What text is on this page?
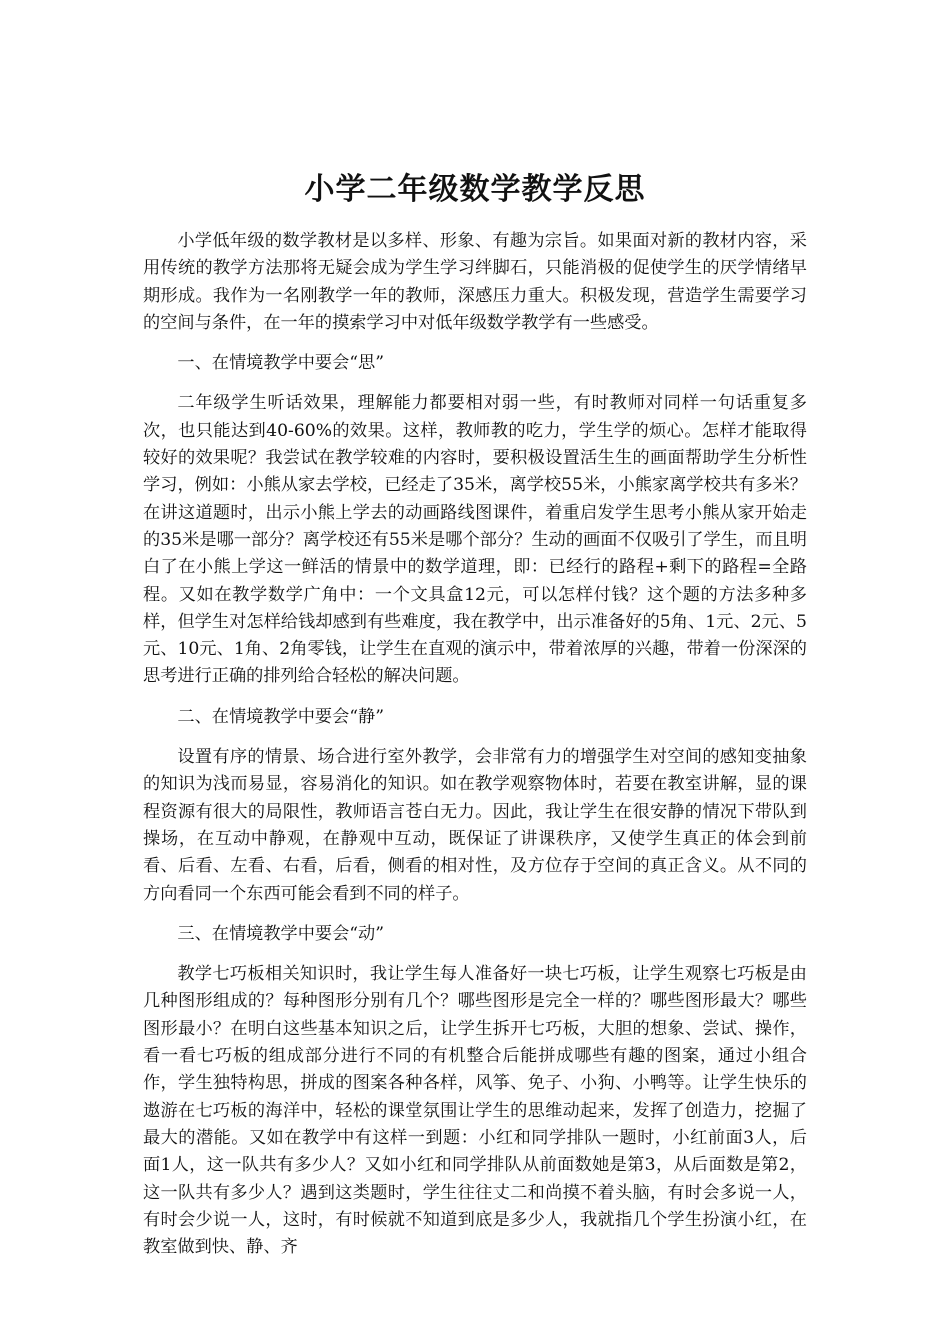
小学二年级数学教学反思

小学低年级的数学教材是以多样、形象、有趣为宗旨。如果面对新的教材内容，采用传统的教学方法那将无疑会成为学生学习绊脚石，只能消极的促使学生的厌学情绪早期形成。我作为一名刚教学一年的教师，深感压力重大。积极发现，营造学生需要学习的空间与条件，在一年的摸索学习中对低年级数学教学有一些感受。

一、在情境教学中要会“思”

二年级学生听话效果，理解能力都要相对弱一些，有时教师对同样一句话重复多次，也只能达到40-60%的效果。这样，教师教的吃力，学生学的烦心。怎样才能取得较好的效果呢？我尝试在教学较难的内容时，要积极设置活生生的画面帮助学生分析性学习，例如：小熊从家去学校，已经走了35米，离学校55米，小熊家离学校共有多米？在讲这道题时，出示小熊上学去的动画路线图课件，着重启发学生思考小熊从家开始走的35米是哪一部分？离学校还有55米是哪个部分？生动的画面不仅吸引了学生，而且明白了在小熊上学这一鲜活的情景中的数学道理，即：已经行的路程+剩下的路程=全路程。又如在教学数学广角中：一个文具盒12元，可以怎样付钱？这个题的方法多种多样，但学生对怎样给钱却感到有些难度，我在教学中，出示准备好的5角、1元、2元、5元、10元、1角、2角零钱，让学生在直观的演示中，带着浓厚的兴趣，带着一份深深的思考进行正确的排列给合轻松的解决问题。

二、在情境教学中要会“静”

设置有序的情景、场合进行室外教学，会非常有力的增强学生对空间的感知变抽象的知识为浅而易显，容易消化的知识。如在教学观察物体时，若要在教室讲解，显的课程资源有很大的局限性，教师语言苍白无力。因此，我让学生在很安静的情况下带队到操场，在互动中静观，在静观中互动，既保证了讲课秩序，又使学生真正的体会到前看、后看、左看、右看，后看，侧看的相对性，及方位存于空间的真正含义。从不同的方向看同一个东西可能会看到不同的样子。

三、在情境教学中要会“动”

教学七巧板相关知识时，我让学生每人准备好一块七巧板，让学生观察七巧板是由几种图形组成的？每种图形分别有几个？哪些图形是完全一样的？哪些图形最大？哪些图形最小？在明白这些基本知识之后，让学生拆开七巧板，大胆的想象、尝试、操作，看一看七巧板的组成部分进行不同的有机整合后能拼成哪些有趣的图案，通过小组合作，学生独特构思，拼成的图案各种各样，风筝、免子、小狗、小鸭等。让学生快乐的遨游在七巧板的海洋中，轻松的课堂氛围让学生的思维动起来，发挥了创造力，挖掘了最大的潜能。又如在教学中有这样一到题：小红和同学排队一题时，小红前面3人，后面1人，这一队共有多少人？又如小红和同学排队从前面数她是第3，从后面数是第2，这一队共有多少人？遇到这类题时，学生往往丈二和尚摸不着头脑，有时会多说一人，有时会少说一人，这时，有时候就不知道到底是多少人，我就指几个学生扮演小红，在教室做到快、静、齐
